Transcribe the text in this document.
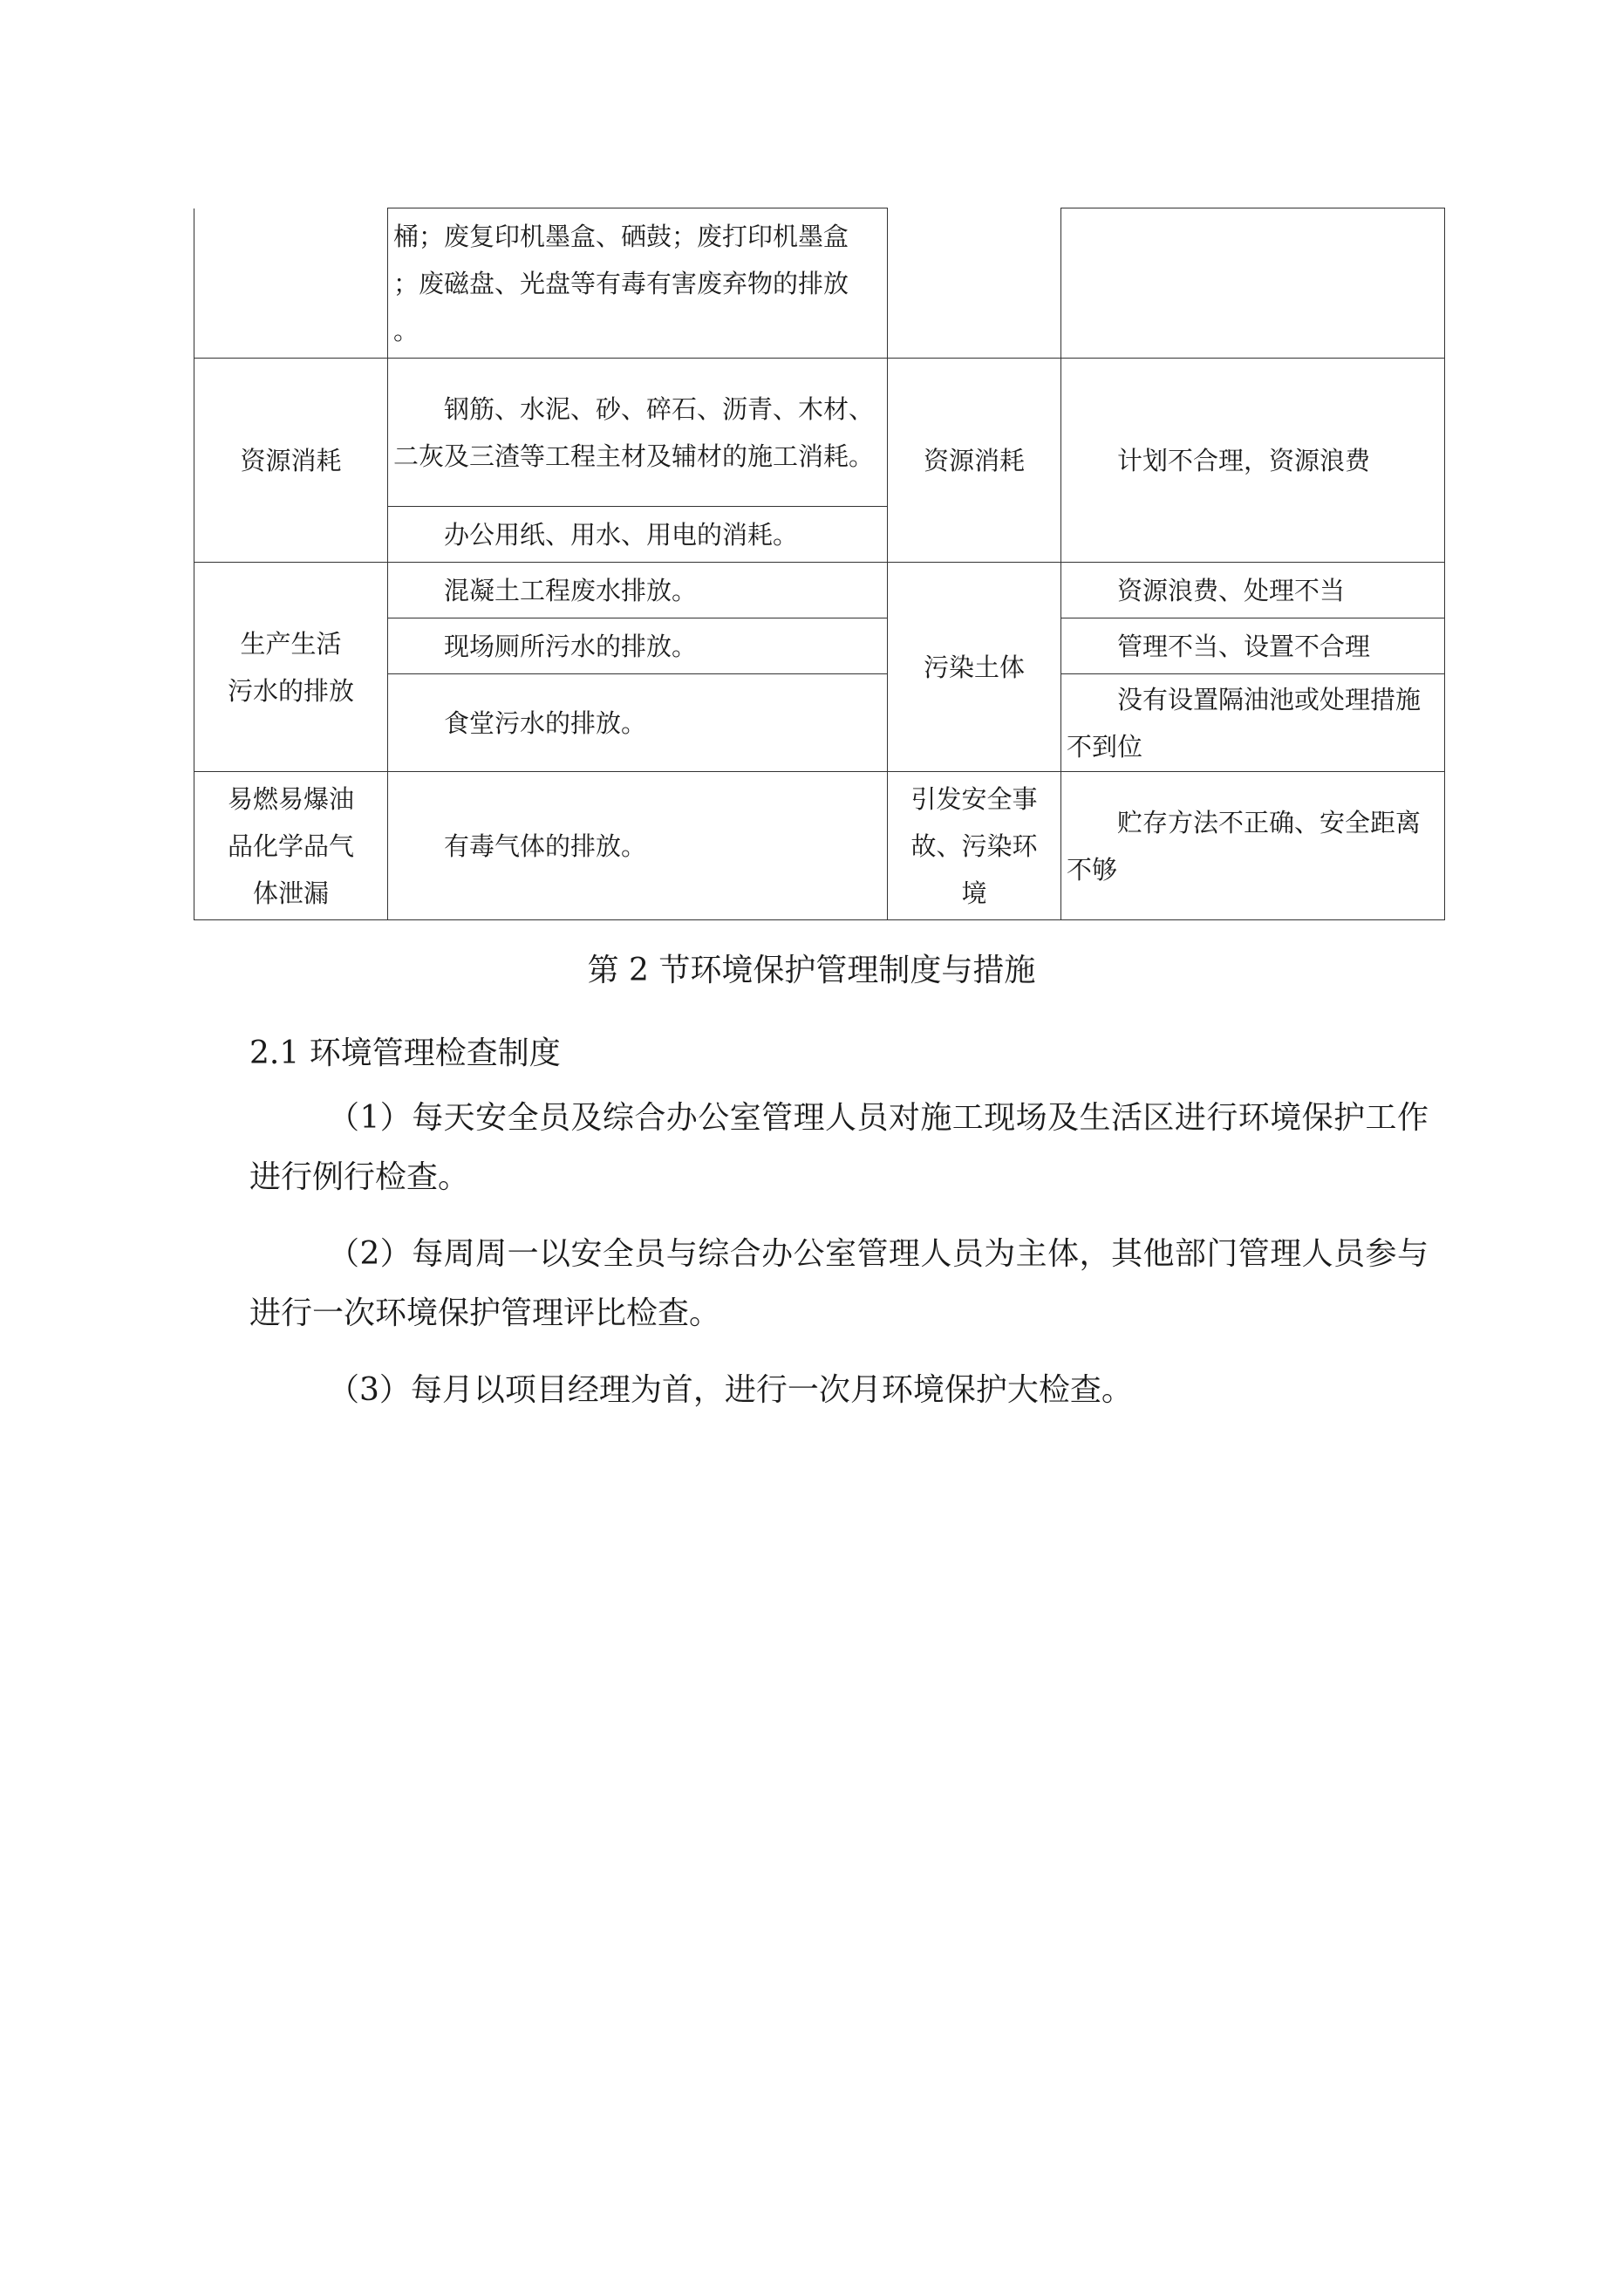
	桶；废复印机墨盒、硒鼓；废打印机墨盒
；废磁盘、光盘等有毒有害废弃物的排放
。		

资源消耗	钢筋、水泥、砂、碎石、沥青、木材、二灰及三渣等工程主材及辅材的施工消耗。	资源消耗	计划不合理，资源浪费
	办公用纸、用水、用电的消耗。		

生产生活
污水的排放	混凝土工程废水排放。	污染土体	资源浪费、处理不当
	现场厕所污水的排放。		管理不当、设置不合理
	食堂污水的排放。		没有设置隔油池或处理措施不到位

易燃易爆油
品化学品气
体泄漏	有毒气体的排放。	引发安全事
故、污染环
境	贮存方法不正确、安全距离不够
第 2 节环境保护管理制度与措施
2.1 环境管理检查制度
（1）每天安全员及综合办公室管理人员对施工现场及生活区进行环境保护工作进行例行检查。
（2）每周周一以安全员与综合办公室管理人员为主体，其他部门管理人员参与进行一次环境保护管理评比检查。
（3）每月以项目经理为首，进行一次月环境保护大检查。
